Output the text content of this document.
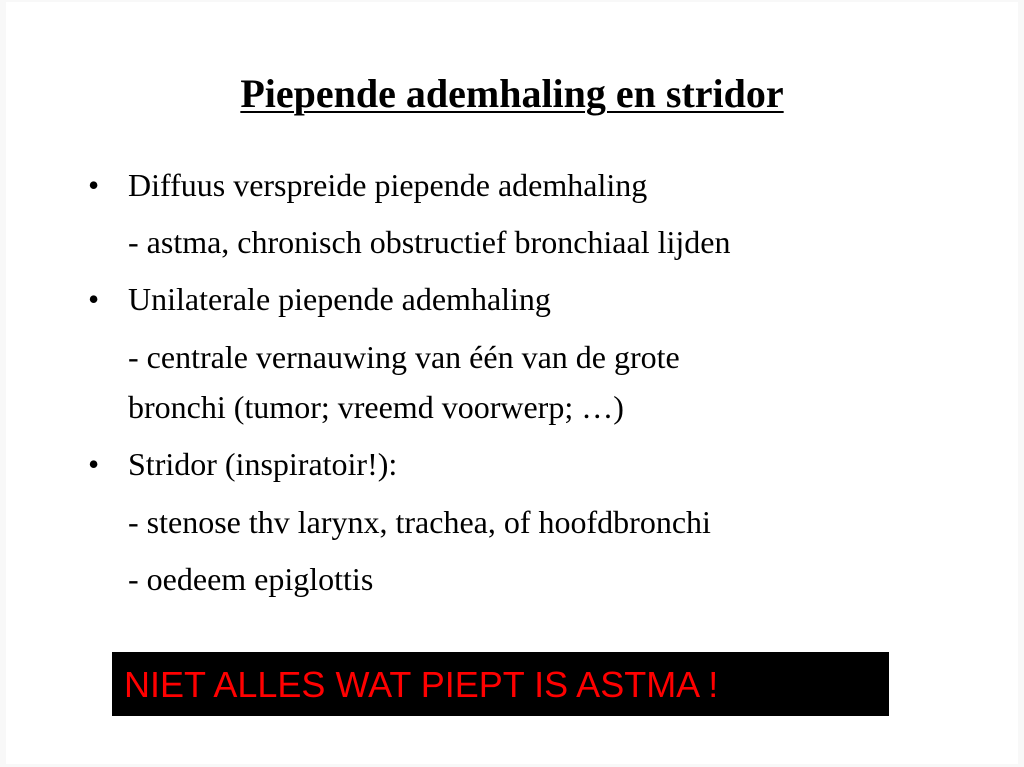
Piepende ademhaling en stridor
• Diffuus verspreide piepende ademhaling

- astma, chronisch obstructief bronchiaal lijden

• Unilaterale piepende ademhaling

- centrale vernauwing van één van de grote

bronchi (tumor; vreemd voorwerp; …)

• Stridor (inspiratoir!):

- stenose thv larynx, trachea, of hoofdbronchi

- oedeem epiglottis

NIET ALLES WAT PIEPT IS ASTMA !
